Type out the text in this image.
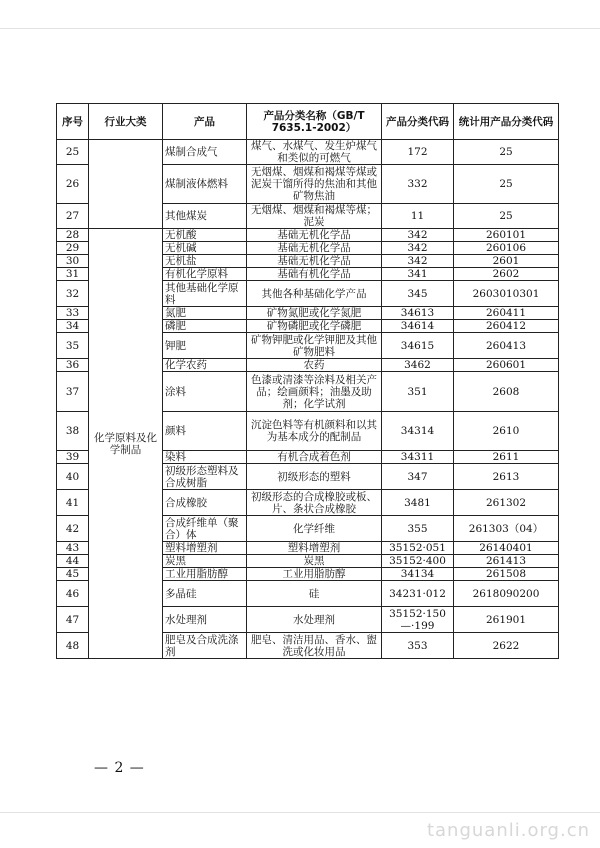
序号	行业大类	产品	产品分类名称（GB/T 7635.1-2002）	产品分类代码	统计用产品分类代码
25		煤制合成气	煤气、水煤气、发生炉煤气和类似的可燃气	172	25
26		煤制液体燃料	无烟煤、烟煤和褐煤等煤或泥炭干馏所得的焦油和其他矿物焦油	332	25
27		其他煤炭	无烟煤、烟煤和褐煤等煤；泥炭	11	25
28	化学原料及化学制品	无机酸	基础无机化学品	342	260101
29		无机碱	基础无机化学品	342	260106
30		无机盐	基础无机化学品	342	2601
31		有机化学原料	基础有机化学品	341	2602
32		其他基础化学原料	其他各种基础化学产品	345	2603010301
33		氮肥	矿物氮肥或化学氮肥	34613	260411
34		磷肥	矿物磷肥或化学磷肥	34614	260412
35		钾肥	矿物钾肥或化学钾肥及其他矿物肥料	34615	260413
36		化学农药	农药	3462	260601
37		涂料	色漆或清漆等涂料及相关产品；绘画颜料；油墨及助剂；化学试剂	351	2608
38		颜料	沉淀色料等有机颜料和以其为基本成分的配制品	34314	2610
39		染料	有机合成着色剂	34311	2611
40		初级形态塑料及合成树脂	初级形态的塑料	347	2613
41		合成橡胶	初级形态的合成橡胶或板、片、条状合成橡胶	3481	261302
42		合成纤维单（聚合）体	化学纤维	355	261303（04）
43		塑料增塑剂	塑料增塑剂	35152·051	26140401
44		炭黑	炭黑	35152·400	261413
45		工业用脂肪醇	工业用脂肪醇	34134	261508
46		多晶硅	硅	34231·012	2618090200
47		水处理剂	水处理剂	35152·150—·199	261901
48		肥皂及合成洗涤剂	肥皂、清洁用品、香水、盥洗或化妆用品	353	2622
— 2 —
tanguanli.org.cn
